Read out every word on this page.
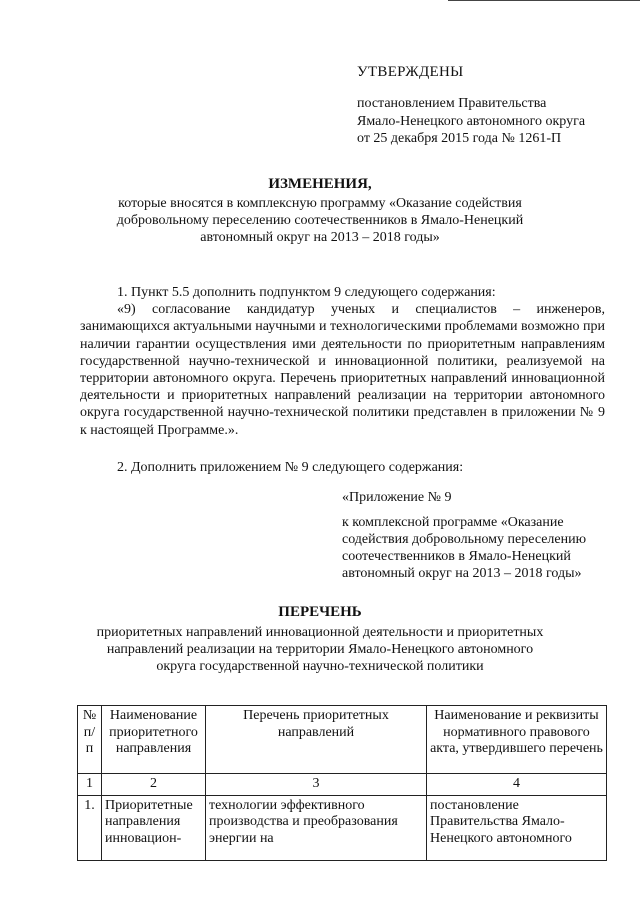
УТВЕРЖДЕНЫ
постановлением Правительства
Ямало-Ненецкого автономного округа
от 25 декабря 2015 года № 1261-П
ИЗМЕНЕНИЯ,
которые вносятся в комплексную программу «Оказание содействия
добровольному переселению соотечественников в Ямало-Ненецкий
автономный округ на 2013 – 2018 годы»
1. Пункт 5.5 дополнить подпунктом 9 следующего содержания:
«9) согласование кандидатур ученых и специалистов – инженеров, занимающихся актуальными научными и технологическими проблемами возможно при наличии гарантии осуществления ими деятельности по приоритетным направлениям государственной научно-технической и инновационной политики, реализуемой на территории автономного округа. Перечень приоритетных направлений инновационной деятельности и приоритетных направлений реализации на территории автономного округа государственной научно-технической политики представлен в приложении № 9 к настоящей Программе.».
2. Дополнить приложением № 9 следующего содержания:
«Приложение № 9
к комплексной программе «Оказание
содействия добровольному переселению
соотечественников в Ямало-Ненецкий
автономный округ на 2013 – 2018 годы»
ПЕРЕЧЕНЬ
приоритетных направлений инновационной деятельности и приоритетных
направлений реализации на территории Ямало-Ненецкого автономного
округа государственной научно-технической политики
№ п/п	Наименование приоритетного направления	Перечень приоритетных направлений	Наименование и реквизиты нормативного правового акта, утвердившего перечень
1	2	3	4
1.	Приоритетные направления инновацион-	технологии эффективного производства и преобразования энергии на	постановление Правительства Ямало-Ненецкого автономного
